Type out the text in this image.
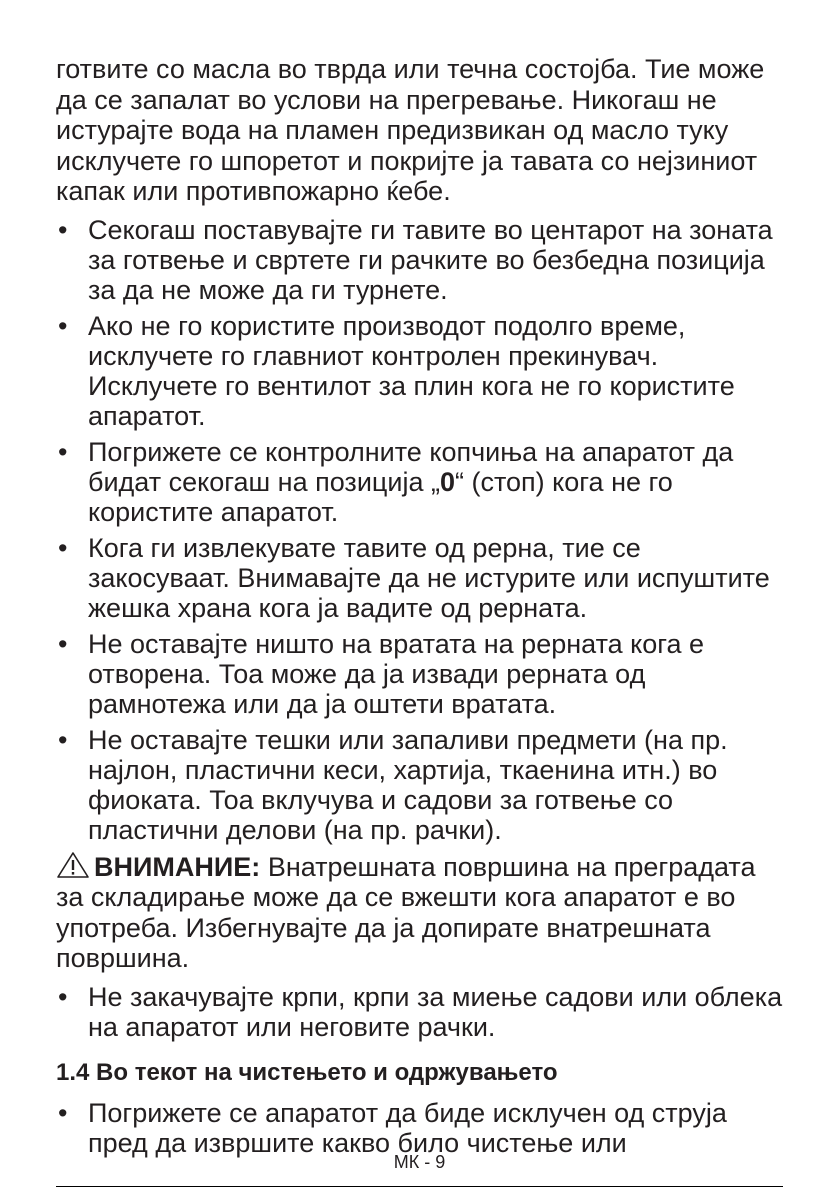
готвите со масла во тврда или течна состојба. Тие може да се запалат во услови на прегревање. Никогаш не истурајте вода на пламен предизвикан од масло туку исклучете го шпоретот и покријте ја тавата со нејзиниот капак или противпожарно ќебе.

• Секогаш поставувајте ги тавите во центарот на зоната за готвење и свртете ги рачките во безбедна позиција за да не може да ги турнете.
• Ако не го користите производот подолго време, исклучете го главниот контролен прекинувач. Исклучете го вентилот за плин кога не го користите апаратот.
• Погрижете се контролните копчиња на апаратот да бидат секогаш на позиција „0“ (стоп) кога не го користите апаратот.
• Кога ги извлекувате тавите од рерна, тие се закосуваат. Внимавајте да не истурите или испуштите жешка храна кога ја вадите од рерната.
• Не оставајте ништо на вратата на рерната кога е отворена. Тоа може да ја извади рерната од рамнотежа или да ја оштети вратата.
• Не оставајте тешки или запаливи предмети (на пр. најлон, пластични кеси, хартија, ткаенина итн.) во фиоката. Тоа вклучува и садови за готвење со пластични делови (на пр. рачки).

ВНИМАНИЕ: Внатрешната површина на преградата за складирање може да се вжешти кога апаратот е во употреба. Избегнувајте да ја допирате внатрешната површина.

• Не закачувајте крпи, крпи за миење садови или облека на апаратот или неговите рачки.
1.4 Во текот на чистењето и одржувањето
• Погрижете се апаратот да биде исклучен од струја пред да извршите какво било чистење или
МК - 9
